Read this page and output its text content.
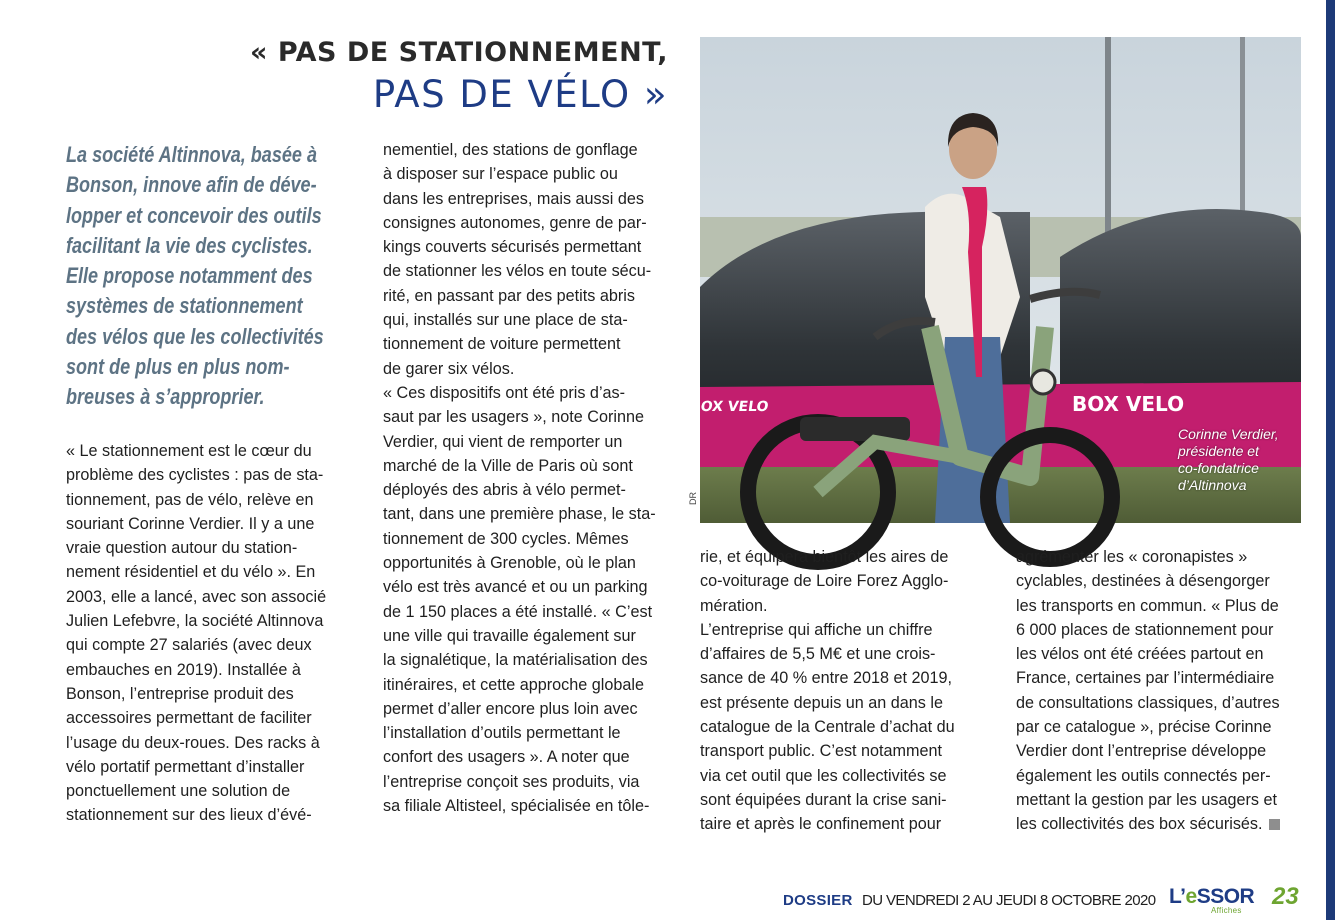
« PAS DE STATIONNEMENT,
PAS DE VÉLO »
La société Altinnova, basée à
Bonson, innove afin de déve-
lopper et concevoir des outils
facilitant la vie des cyclistes.
Elle propose notamment des
systèmes de stationnement
des vélos que les collectivités
sont de plus en plus nom-
breuses à s’approprier.
« Le stationnement est le cœur du
problème des cyclistes : pas de sta-
tionnement, pas de vélo, relève en
souriant Corinne Verdier. Il y a une
vraie question autour du station-
nement résidentiel et du vélo ». En
2003, elle a lancé, avec son associé
Julien Lefebvre, la société Altinnova
qui compte 27 salariés (avec deux
embauches en 2019). Installée à
Bonson, l’entreprise produit des
accessoires permettant de faciliter
l’usage du deux-roues. Des racks à
vélo portatif permettant d’installer
ponctuellement une solution de
stationnement sur des lieux d’évé-
nementiel, des stations de gonflage
à disposer sur l’espace public ou
dans les entreprises, mais aussi des
consignes autonomes, genre de par-
kings couverts sécurisés permettant
de stationner les vélos en toute sécu-
rité, en passant par des petits abris
qui, installés sur une place de sta-
tionnement de voiture permettent
de garer six vélos.
« Ces dispositifs ont été pris d’as-
saut par les usagers », note Corinne
Verdier, qui vient de remporter un
marché de la Ville de Paris où sont
déployés des abris à vélo permet-
tant, dans une première phase, le sta-
tionnement de 300 cycles. Mêmes
opportunités à Grenoble, où le plan
vélo est très avancé et ou un parking
de 1 150 places a été installé. « C’est
une ville qui travaille également sur
la signalétique, la matérialisation des
itinéraires, et cette approche globale
permet d’aller encore plus loin avec
l’installation d’outils permettant le
confort des usagers ». A noter que
l’entreprise conçoit ses produits, via
sa filiale Altisteel, spécialisée en tôle-
BOX VELO	BOX VELO
DR
Corinne Verdier,
présidente et
co-fondatrice
d’Altinnova
rie, et équipera bientôt les aires de
co-voiturage de Loire Forez Agglo-
mération.
L’entreprise qui affiche un chiffre
d’affaires de 5,5 M€ et une crois-
sance de 40 % entre 2018 et 2019,
est présente depuis un an dans le
catalogue de la Centrale d’achat du
transport public. C’est notamment
via cet outil que les collectivités se
sont équipées durant la crise sani-
taire et après le confinement pour
agrémenter les « coronapistes »
cyclables, destinées à désengorger
les transports en commun. « Plus de
6 000 places de stationnement pour
les vélos ont été créées partout en
France, certaines par l’intermédiaire
de consultations classiques, d’autres
par ce catalogue », précise Corinne
Verdier dont l’entreprise développe
également les outils connectés per-
mettant la gestion par les usagers et
les collectivités des box sécurisés.
DOSSIER DU VENDREDI 2 AU JEUDI 8 OCTOBRE 2020 L’eSSOR
Affiches
23
